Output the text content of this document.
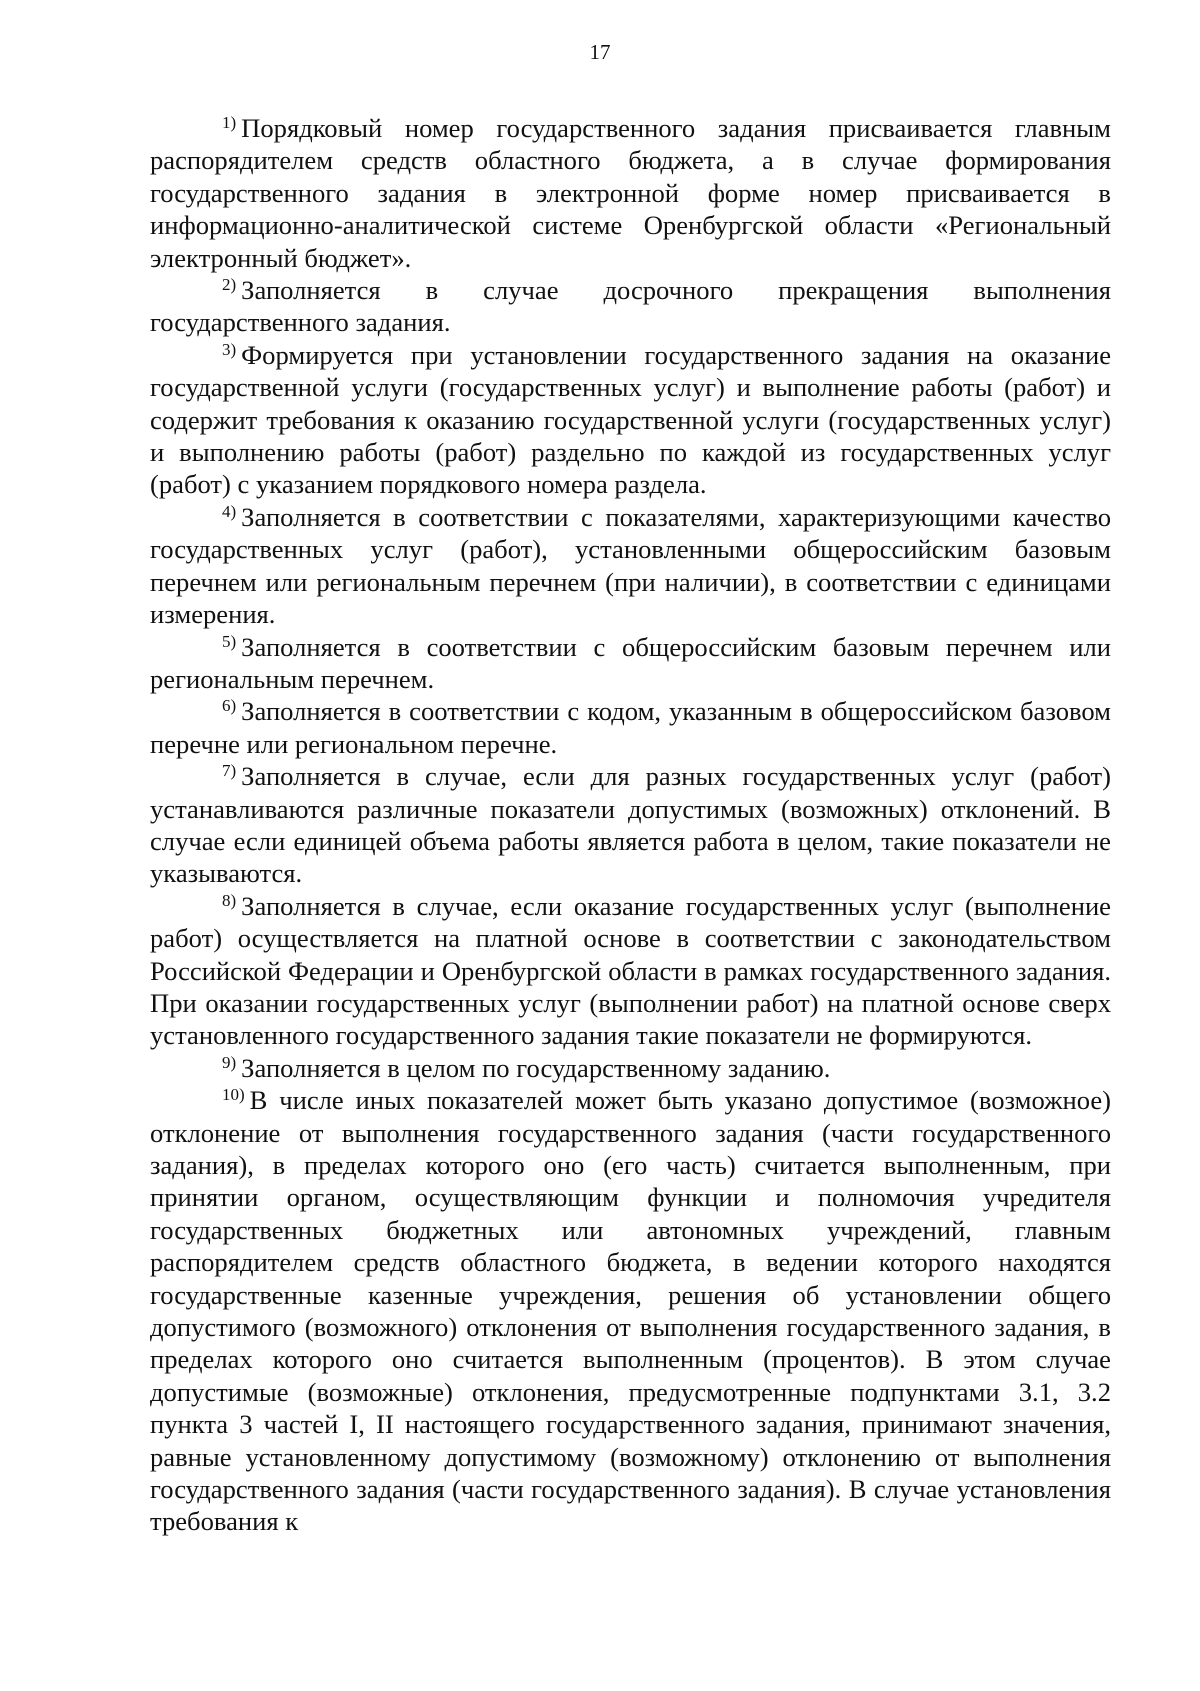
17

$^{1)}$ Порядковый номер государственного задания присваивается главным распорядителем средств областного бюджета, а в случае формирования государственного задания в электронной форме номер присваивается в информационно-аналитической системе Оренбургской области «Региональный электронный бюджет».

$^{2)}$ Заполняется в случае досрочного прекращения выполнения государственного задания.

$^{3)}$ Формируется при установлении государственного задания на оказание государственной услуги (государственных услуг) и выполнение работы (работ) и содержит требования к оказанию государственной услуги (государственных услуг) и выполнению работы (работ) раздельно по каждой из государственных услуг (работ) с указанием порядкового номера раздела.

$^{4)}$ Заполняется в соответствии с показателями, характеризующими качество государственных услуг (работ), установленными общероссийским базовым перечнем или региональным перечнем (при наличии), в соответствии с единицами измерения.

$^{5)}$ Заполняется в соответствии с общероссийским базовым перечнем или региональным перечнем.

$^{6)}$ Заполняется в соответствии с кодом, указанным в общероссийском базовом перечне или региональном перечне.

$^{7)}$ Заполняется в случае, если для разных государственных услуг (работ) устанавливаются различные показатели допустимых (возможных) отклонений. В случае если единицей объема работы является работа в целом, такие показатели не указываются.

$^{8)}$ Заполняется в случае, если оказание государственных услуг (выполнение работ) осуществляется на платной основе в соответствии с законодательством Российской Федерации и Оренбургской области в рамках государственного задания. При оказании государственных услуг (выполнении работ) на платной основе сверх установленного государственного задания такие показатели не формируются.

$^{9)}$ Заполняется в целом по государственному заданию.

$^{10)}$ В числе иных показателей может быть указано допустимое (возможное) отклонение от выполнения государственного задания (части государственного задания), в пределах которого оно (его часть) считается выполненным, при принятии органом, осуществляющим функции и полномочия учредителя государственных бюджетных или автономных учреждений, главным распорядителем средств областного бюджета, в ведении которого находятся государственные казенные учреждения, решения об установлении общего допустимого (возможного) отклонения от выполнения государственного задания, в пределах которого оно считается выполненным (процентов). В этом случае допустимые (возможные) отклонения, предусмотренные подпунктами 3.1, 3.2 пункта 3 частей I, II настоящего государственного задания, принимают значения, равные установленному допустимому (возможному) отклонению от выполнения государственного задания (части государственного задания). В случае установления требования к
